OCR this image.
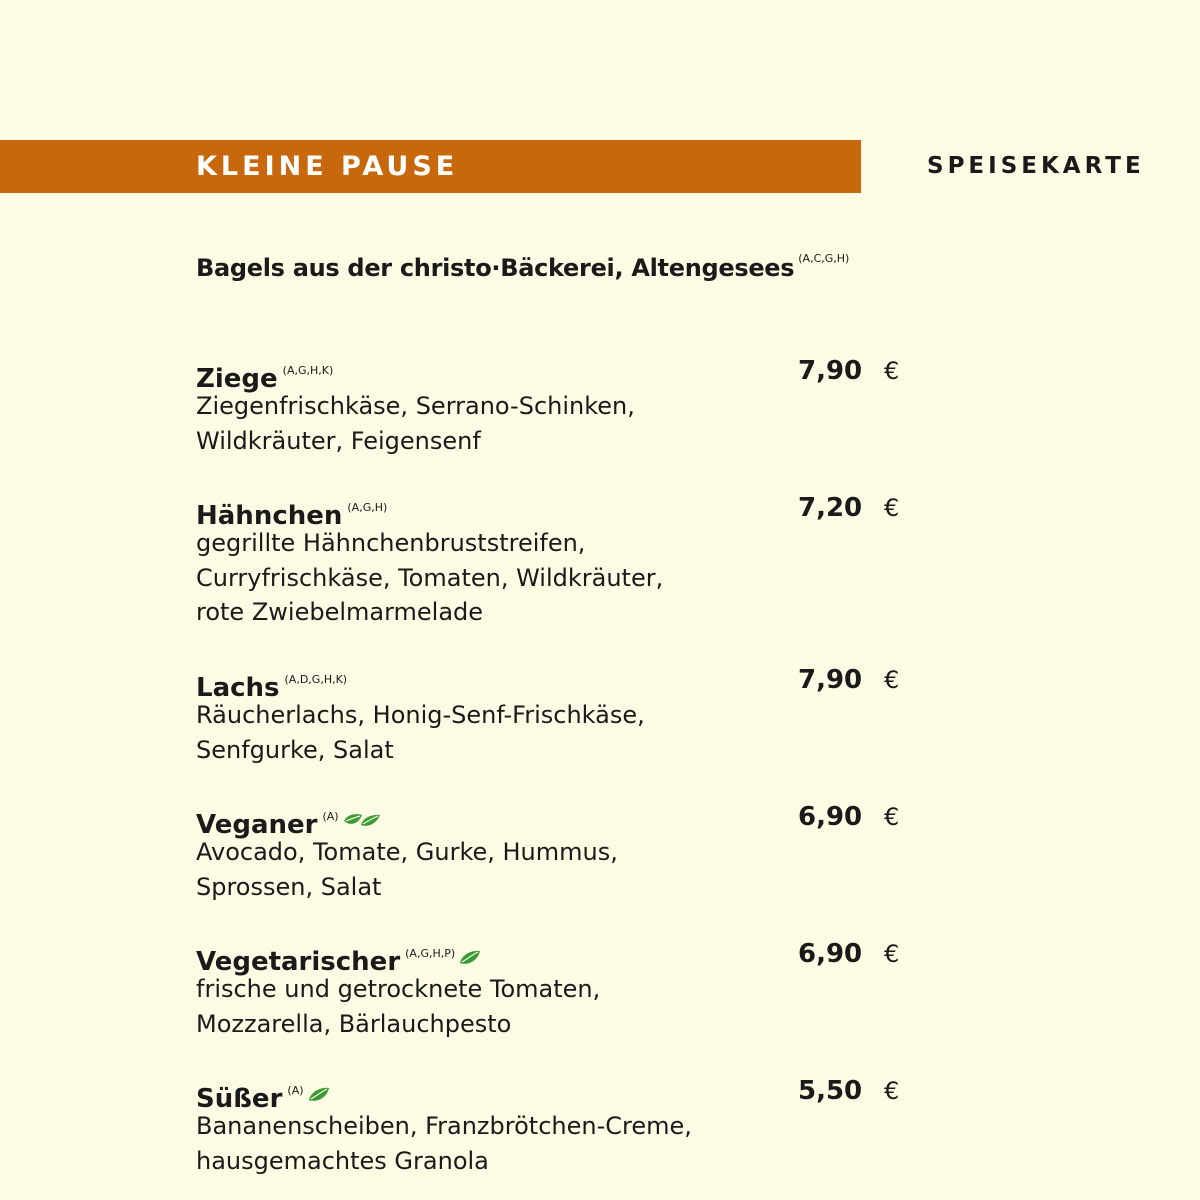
KLEINE PAUSE	SPEISEKARTE
Bagels aus der christo·Bäckerei, Altengesees $^{(A,C,G,H)}$
Ziege $^{(A,G,H,K)}$	7,90 €
Ziegenfrischkäse, Serrano-Schinken,
Wildkräuter, Feigensenf
Hähnchen $^{(A,G,H)}$	7,20 €
gegrillte Hähnchenbruststreifen,
Curryfrischkäse, Tomaten, Wildkräuter,
rote Zwiebelmarmelade
Lachs $^{(A,D,G,H,K)}$	7,90 €
Räucherlachs, Honig-Senf-Frischkäse,
Senfgurke, Salat
Veganer $^{(A)}$	6,90 €
Avocado, Tomate, Gurke, Hummus,
Sprossen, Salat
Vegetarischer $^{(A,G,H,P)}$	6,90 €
frische und getrocknete Tomaten,
Mozzarella, Bärlauchpesto
Süßer $^{(A)}$	5,50 €
Bananenscheiben, Franzbrötchen-Creme,
hausgemachtes Granola
